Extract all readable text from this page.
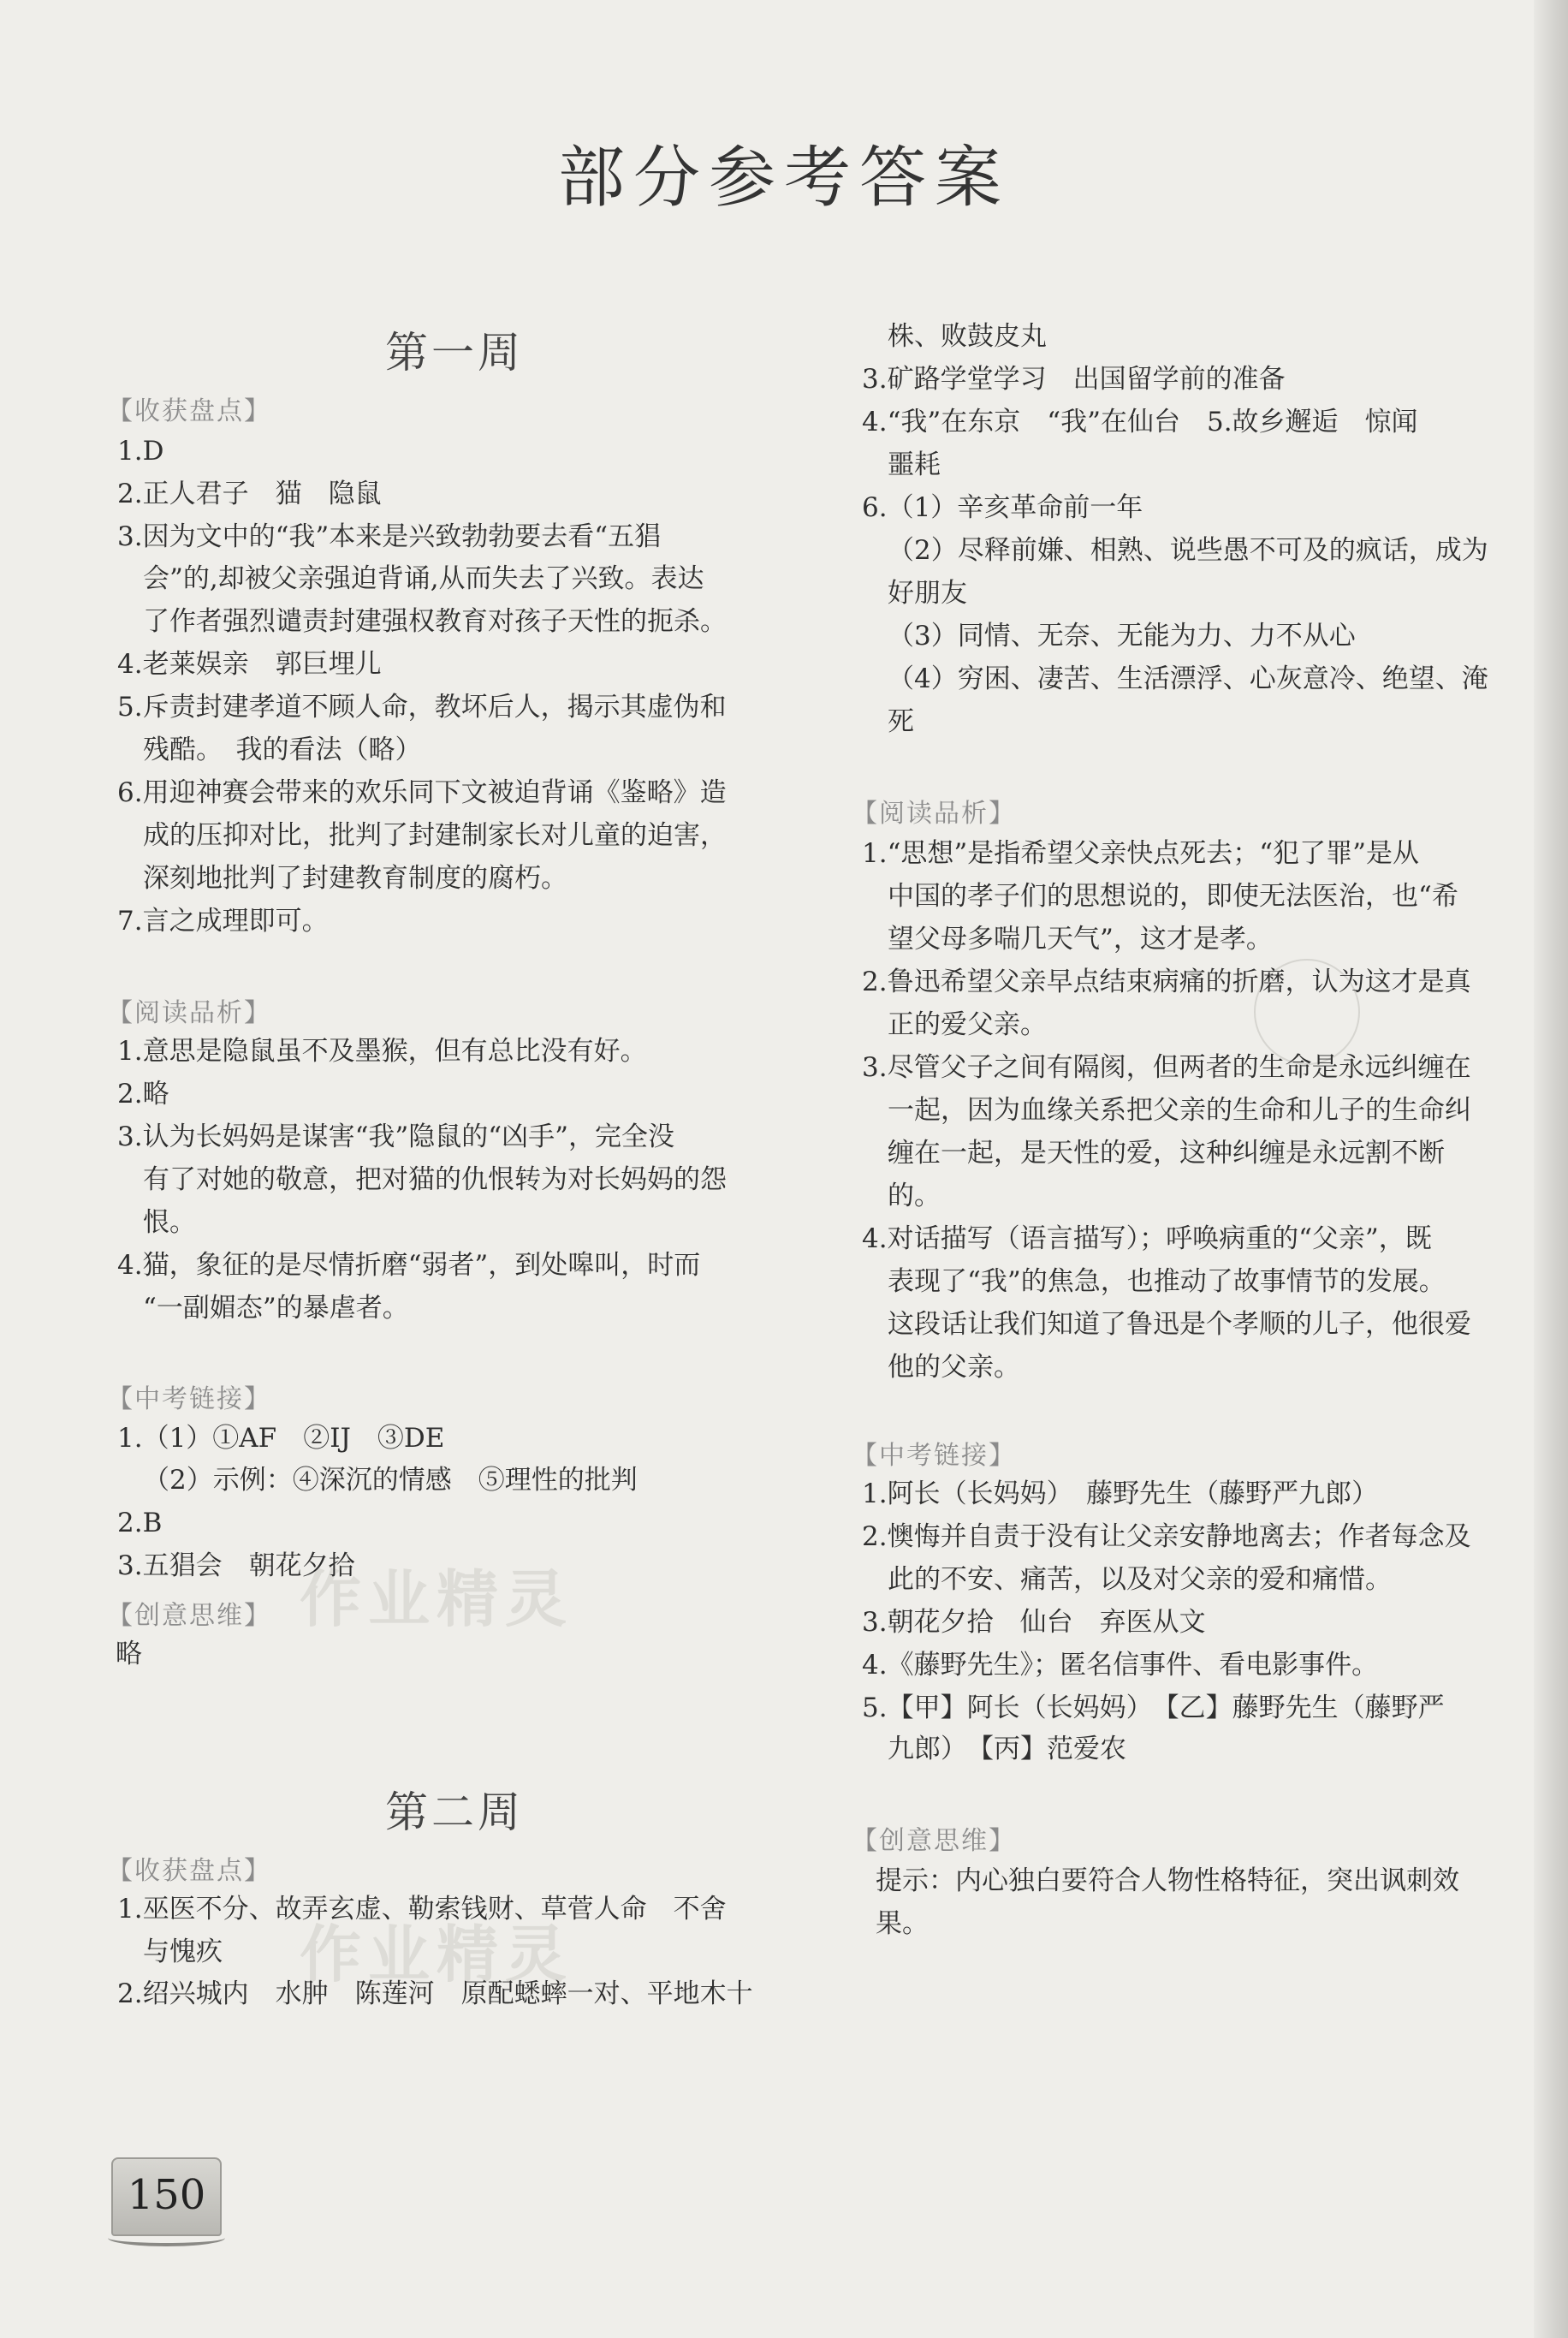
部分参考答案
作业精灵
作业精灵
第一周
【收获盘点】
1.D
2.正人君子　猫　隐鼠
3.因为文中的“我”本来是兴致勃勃要去看“五猖
会”的,却被父亲强迫背诵,从而失去了兴致。表达
了作者强烈谴责封建强权教育对孩子天性的扼杀。
4.老莱娱亲　郭巨埋儿
5.斥责封建孝道不顾人命，教坏后人，揭示其虚伪和
残酷。　我的看法（略）
6.用迎神赛会带来的欢乐同下文被迫背诵《鉴略》造
成的压抑对比，批判了封建制家长对儿童的迫害，
深刻地批判了封建教育制度的腐朽。
7.言之成理即可。
【阅读品析】
1.意思是隐鼠虽不及墨猴，但有总比没有好。
2.略
3.认为长妈妈是谋害“我”隐鼠的“凶手”，完全没
有了对她的敬意，把对猫的仇恨转为对长妈妈的怨
恨。
4.猫，象征的是尽情折磨“弱者”，到处嗥叫，时而
“一副媚态”的暴虐者。
【中考链接】
1.（1）①AF　②IJ　③DE
（2）示例：④深沉的情感　⑤理性的批判
2.B
3.五猖会　朝花夕拾
【创意思维】
略
第二周
【收获盘点】
1.巫医不分、故弄玄虚、勒索钱财、草菅人命　不舍
与愧疚
2.绍兴城内　水肿　陈莲河　原配蟋蟀一对、平地木十
株、败鼓皮丸
3.矿路学堂学习　出国留学前的准备
4.“我”在东京　“我”在仙台　5.故乡邂逅　惊闻
噩耗
6.（1）辛亥革命前一年
（2）尽释前嫌、相熟、说些愚不可及的疯话，成为
好朋友
（3）同情、无奈、无能为力、力不从心
（4）穷困、凄苦、生活漂浮、心灰意冷、绝望、淹
死
【阅读品析】
1.“思想”是指希望父亲快点死去；“犯了罪”是从
中国的孝子们的思想说的，即使无法医治，也“希
望父母多喘几天气”，这才是孝。
2.鲁迅希望父亲早点结束病痛的折磨，认为这才是真
正的爱父亲。
3.尽管父子之间有隔阂，但两者的生命是永远纠缠在
一起，因为血缘关系把父亲的生命和儿子的生命纠
缠在一起，是天性的爱，这种纠缠是永远割不断
的。
4.对话描写（语言描写）；呼唤病重的“父亲”，既
表现了“我”的焦急，也推动了故事情节的发展。
这段话让我们知道了鲁迅是个孝顺的儿子，他很爱
他的父亲。
【中考链接】
1.阿长（长妈妈）　藤野先生（藤野严九郎）
2.懊悔并自责于没有让父亲安静地离去；作者每念及
此的不安、痛苦，以及对父亲的爱和痛惜。
3.朝花夕拾　仙台　弃医从文
4.《藤野先生》；匿名信事件、看电影事件。
5.【甲】阿长（长妈妈）　【乙】藤野先生（藤野严
九郎）　【丙】范爱农
【创意思维】
提示：内心独白要符合人物性格特征，突出讽刺效
果。
150
